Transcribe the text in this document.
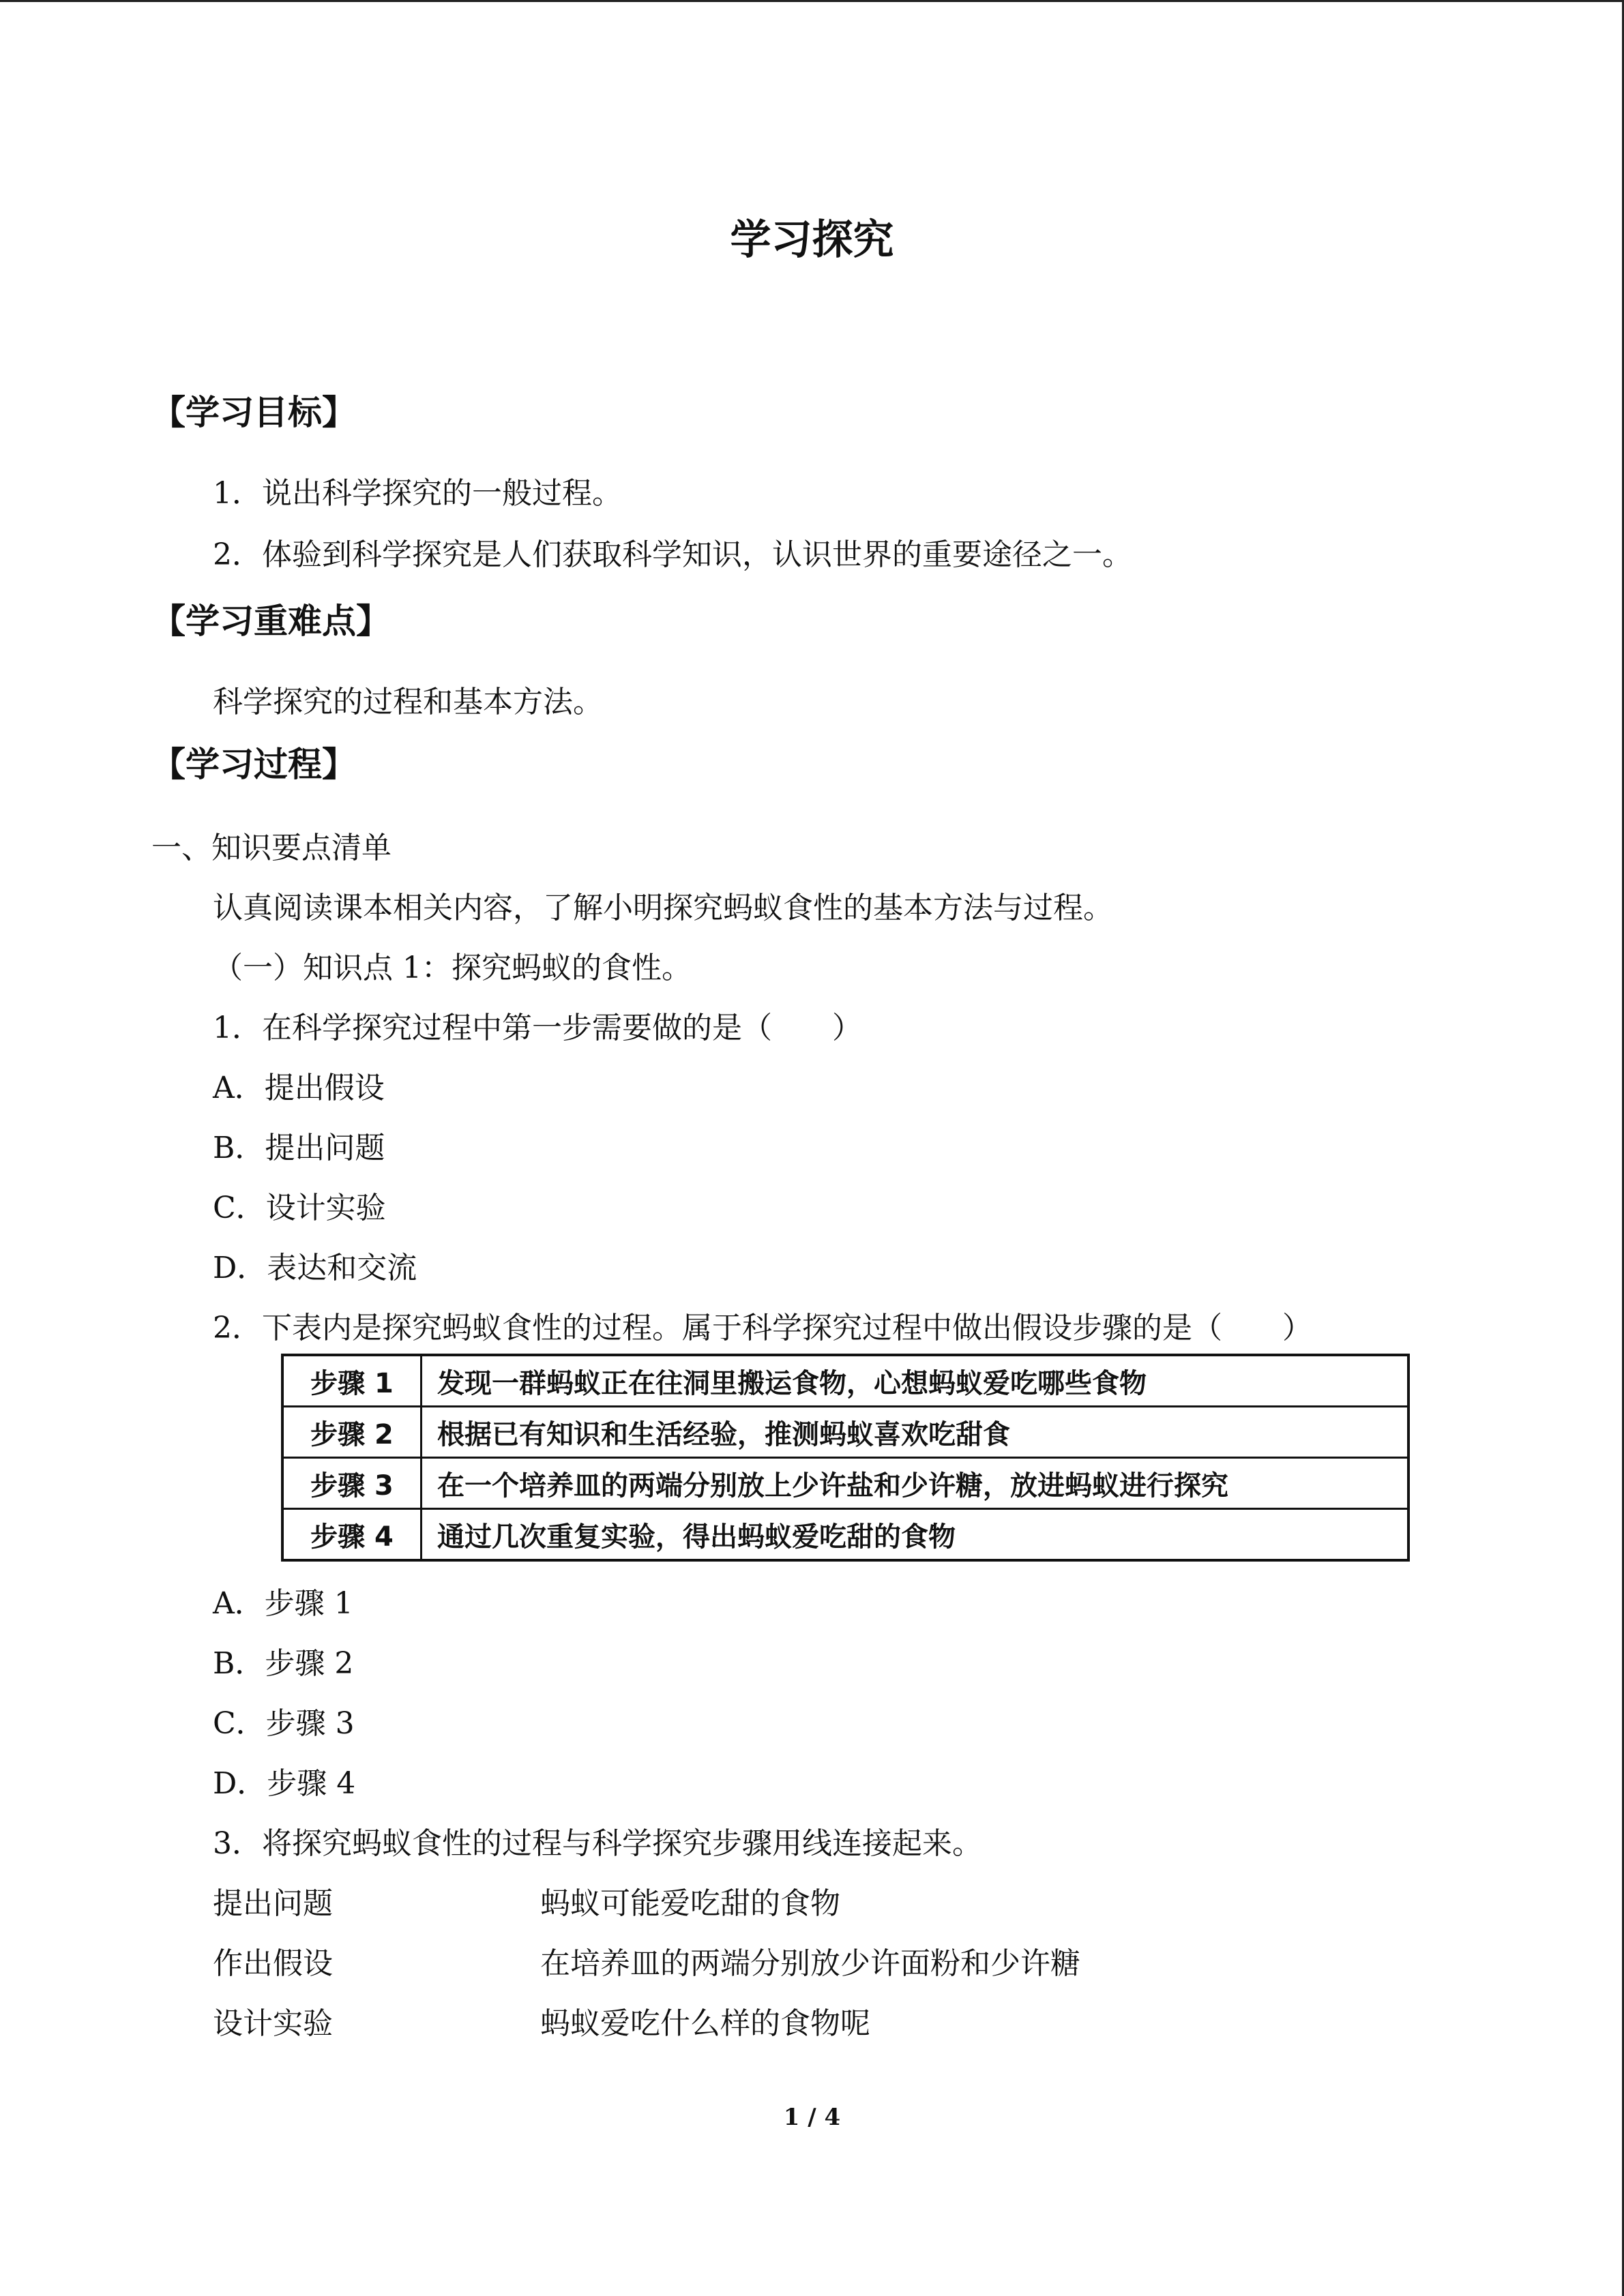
学习探究
【学习目标】
1．说出科学探究的一般过程。
2．体验到科学探究是人们获取科学知识，认识世界的重要途径之一。
【学习重难点】
科学探究的过程和基本方法。
【学习过程】
一、知识要点清单
认真阅读课本相关内容，了解小明探究蚂蚁食性的基本方法与过程。
（一）知识点 1：探究蚂蚁的食性。
1．在科学探究过程中第一步需要做的是（　　）
A．提出假设
B．提出问题
C．设计实验
D．表达和交流
2．下表内是探究蚂蚁食性的过程。属于科学探究过程中做出假设步骤的是（　　）
步骤 1	发现一群蚂蚁正在往洞里搬运食物，心想蚂蚁爱吃哪些食物
步骤 2	根据已有知识和生活经验，推测蚂蚁喜欢吃甜食
步骤 3	在一个培养皿的两端分别放上少许盐和少许糖，放进蚂蚁进行探究
步骤 4	通过几次重复实验，得出蚂蚁爱吃甜的食物
A．步骤 1
B．步骤 2
C．步骤 3
D．步骤 4
3．将探究蚂蚁食性的过程与科学探究步骤用线连接起来。
提出问题	蚂蚁可能爱吃甜的食物
作出假设	在培养皿的两端分别放少许面粉和少许糖
设计实验	蚂蚁爱吃什么样的食物呢
1 / 4
